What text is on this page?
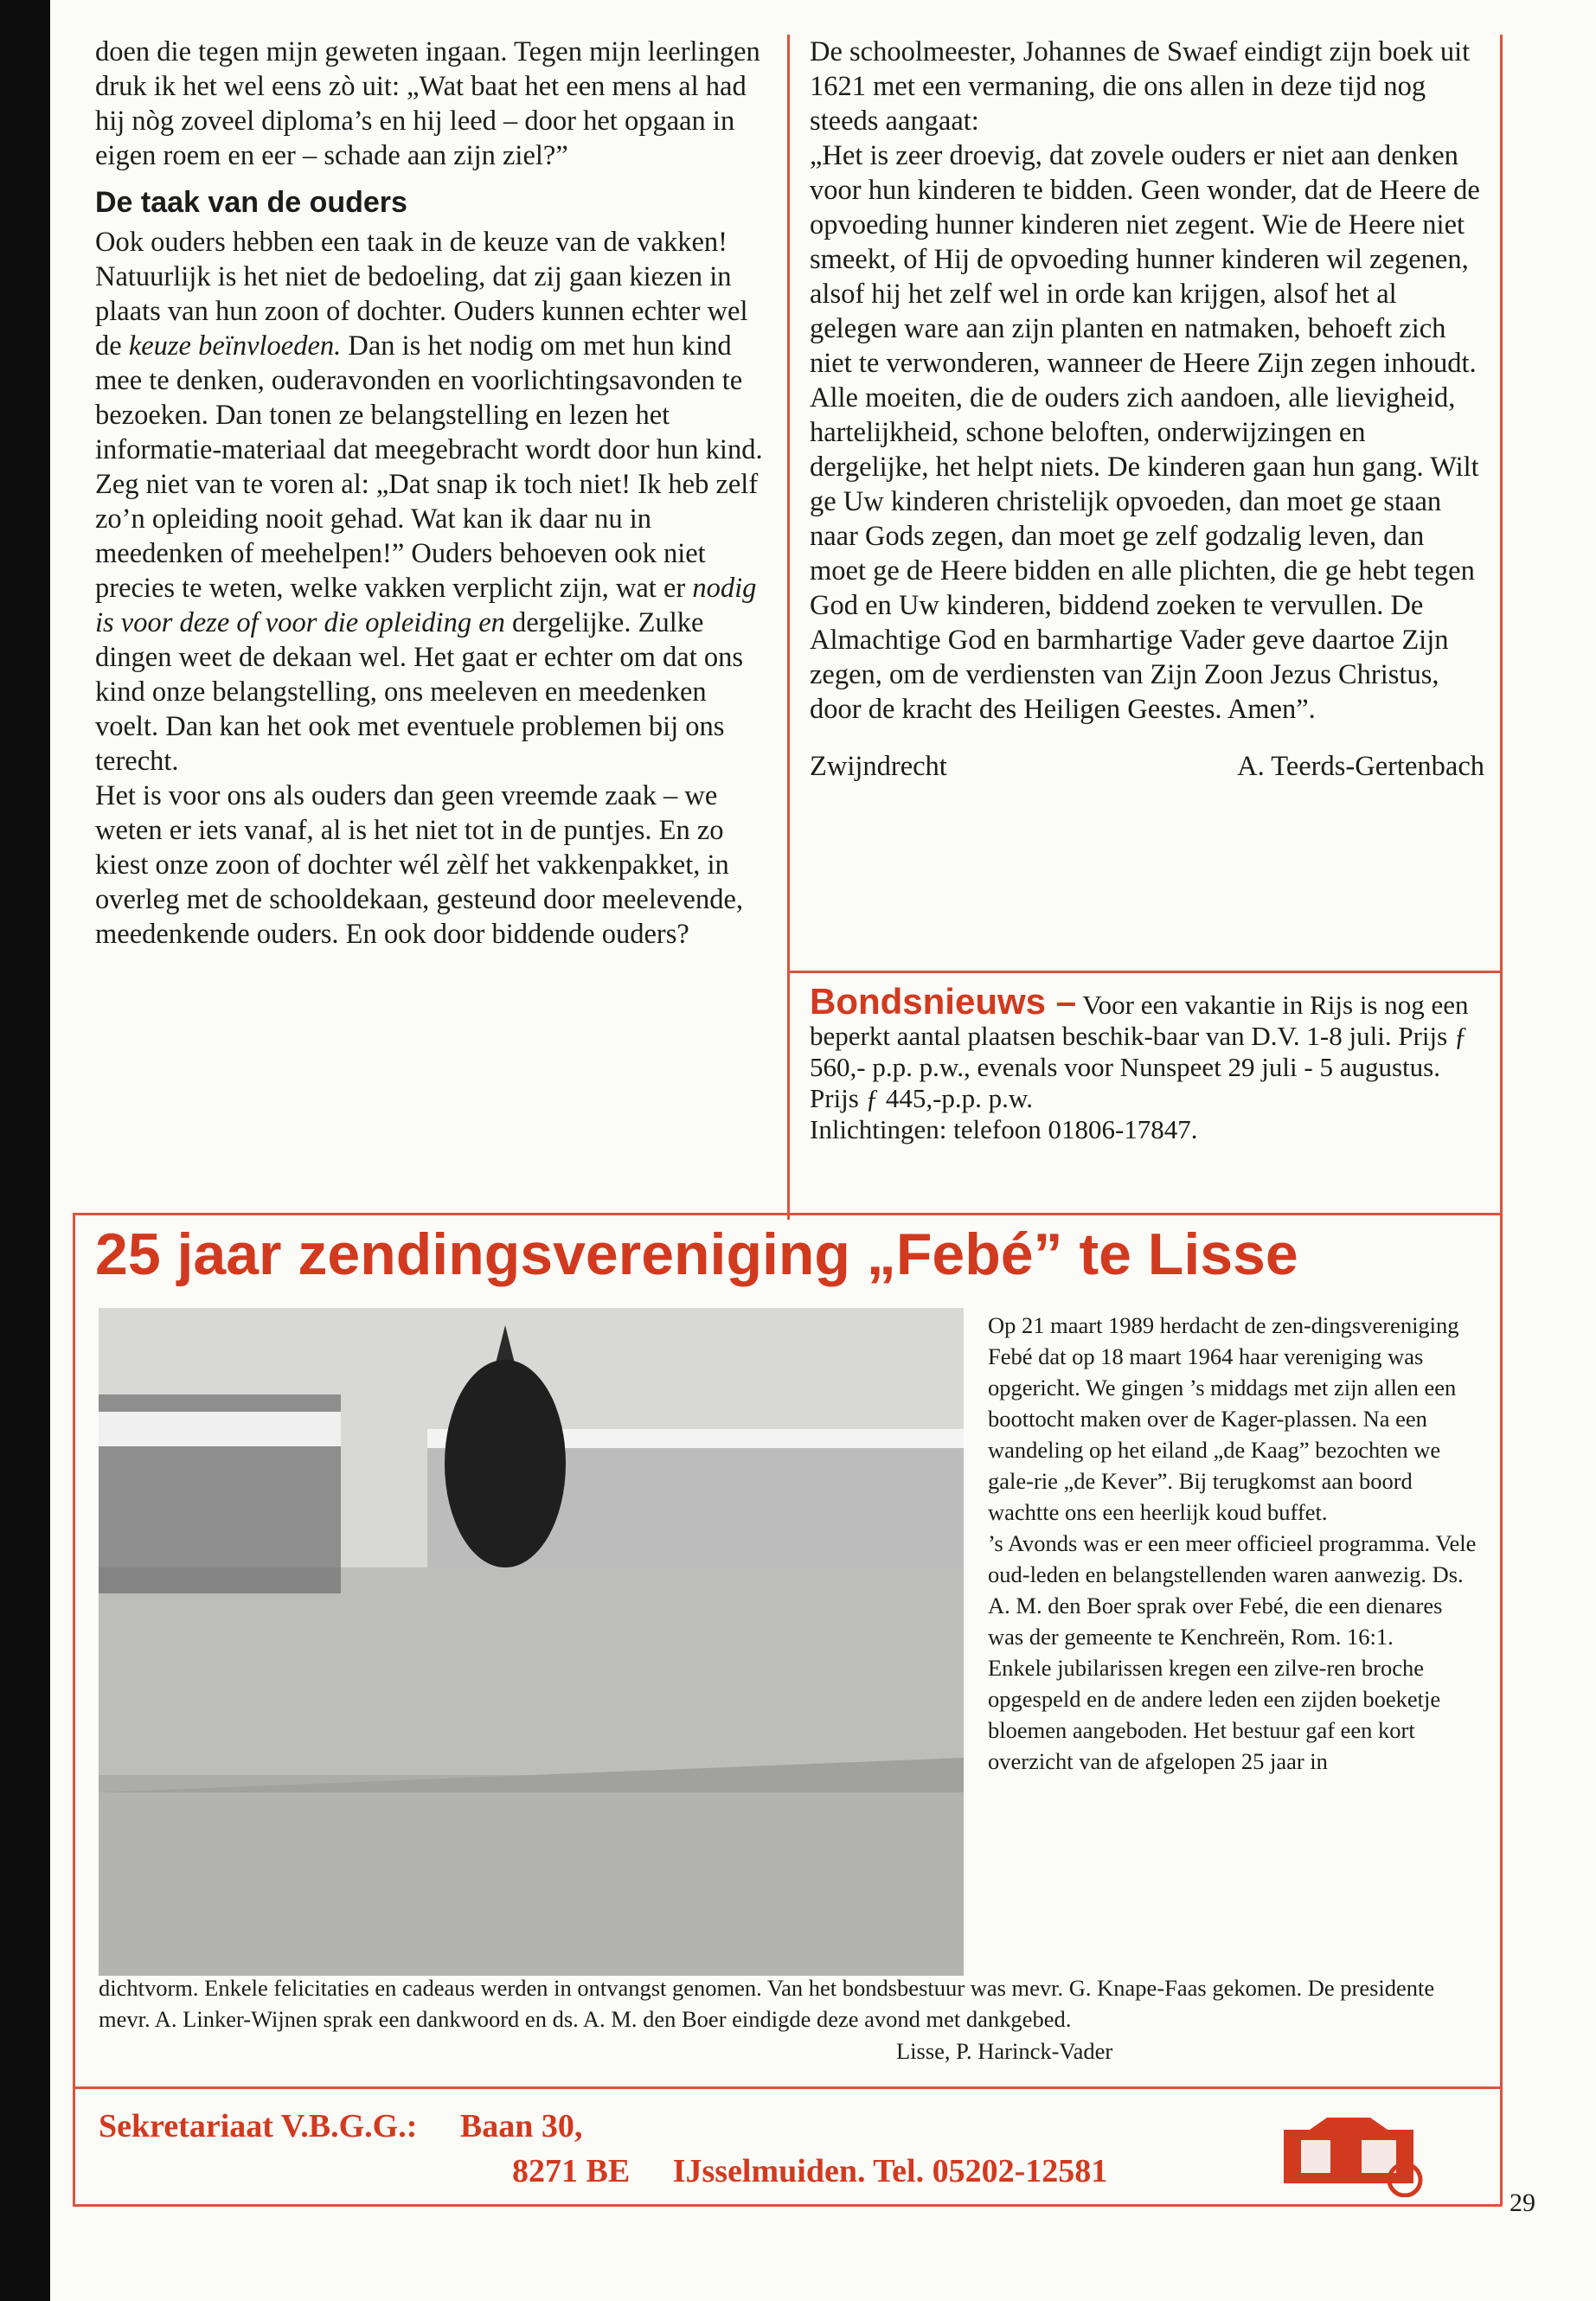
doen die tegen mijn geweten ingaan. Tegen mijn leerlingen druk ik het wel eens zò uit: „Wat baat het een mens al had hij nòg zoveel diploma’s en hij leed – door het opgaan in eigen roem en eer – schade aan zijn ziel?”

De taak van de ouders

Ook ouders hebben een taak in de keuze van de vakken! Natuurlijk is het niet de bedoeling, dat zij gaan kiezen in plaats van hun zoon of dochter. Ouders kunnen echter wel de keuze beïnvloeden. Dan is het nodig om met hun kind mee te denken, ouderavonden en voorlichtingsavonden te bezoeken. Dan tonen ze belangstelling en lezen het informatie-materiaal dat meegebracht wordt door hun kind. Zeg niet van te voren al: „Dat snap ik toch niet! Ik heb zelf zo’n opleiding nooit gehad. Wat kan ik daar nu in meedenken of meehelpen!” Ouders behoeven ook niet precies te weten, welke vakken verplicht zijn, wat er nodig is voor deze of voor die opleiding en dergelijke. Zulke dingen weet de dekaan wel. Het gaat er echter om dat ons kind onze belangstelling, ons meeleven en meedenken voelt. Dan kan het ook met eventuele problemen bij ons terecht.

Het is voor ons als ouders dan geen vreemde zaak – we weten er iets vanaf, al is het niet tot in de puntjes. En zo kiest onze zoon of dochter wél zèlf het vakkenpakket, in overleg met de schooldekaan, gesteund door meelevende, meedenkende ouders. En ook door biddende ouders?

De schoolmeester, Johannes de Swaef eindigt zijn boek uit 1621 met een vermaning, die ons allen in deze tijd nog steeds aangaat:

„Het is zeer droevig, dat zovele ouders er niet aan denken voor hun kinderen te bidden. Geen wonder, dat de Heere de opvoeding hunner kinderen niet zegent. Wie de Heere niet smeekt, of Hij de opvoeding hunner kinderen wil zegenen, alsof hij het zelf wel in orde kan krijgen, alsof het al gelegen ware aan zijn planten en natmaken, behoeft zich niet te verwonderen, wanneer de Heere Zijn zegen inhoudt. Alle moeiten, die de ouders zich aandoen, alle lievigheid, hartelijkheid, schone beloften, onderwijzingen en dergelijke, het helpt niets. De kinderen gaan hun gang. Wilt ge Uw kinderen christelijk opvoeden, dan moet ge staan naar Gods zegen, dan moet ge zelf godzalig leven, dan moet ge de Heere bidden en alle plichten, die ge hebt tegen God en Uw kinderen, biddend zoeken te vervullen. De Almachtige God en barmhartige Vader geve daartoe Zijn zegen, om de verdiensten van Zijn Zoon Jezus Christus, door de kracht des Heiligen Geestes. Amen”.

Zwijndrecht	A. Teerds-Gertenbach
Bondsnieuws – Voor een vakantie in Rijs is nog een beperkt aantal plaatsen beschik-baar van D.V. 1-8 juli. Prijs ƒ 560,- p.p. p.w., evenals voor Nunspeet 29 juli - 5 augustus. Prijs ƒ 445,-p.p. p.w.
Inlichtingen: telefoon 01806-17847.
25 jaar zendingsvereniging „Febé” te Lisse

Op 21 maart 1989 herdacht de zen-dingsvereniging Febé dat op 18 maart 1964 haar vereniging was opgericht. We gingen ’s middags met zijn allen een boottocht maken over de Kager-plassen. Na een wandeling op het eiland „de Kaag” bezochten we gale-rie „de Kever”. Bij terugkomst aan boord wachtte ons een heerlijk koud buffet.

’s Avonds was er een meer officieel programma. Vele oud-leden en belangstellenden waren aanwezig. Ds. A. M. den Boer sprak over Febé, die een dienares was der gemeente te Kenchreën, Rom. 16:1.

Enkele jubilarissen kregen een zilve-ren broche opgespeld en de andere leden een zijden boeketje bloemen aangeboden. Het bestuur gaf een kort overzicht van de afgelopen 25 jaar in

dichtvorm. Enkele felicitaties en cadeaus werden in ontvangst genomen. Van het bondsbestuur was mevr. G. Knape-Faas gekomen. De presidente mevr. A. Linker-Wijnen sprak een dankwoord en ds. A. M. den Boer eindigde deze avond met dankgebed.
Lisse, P. Harinck-Vader
Sekretariaat V.B.G.G.: Baan 30,
8271 BE IJsselmuiden. Tel. 05202-12581
29
